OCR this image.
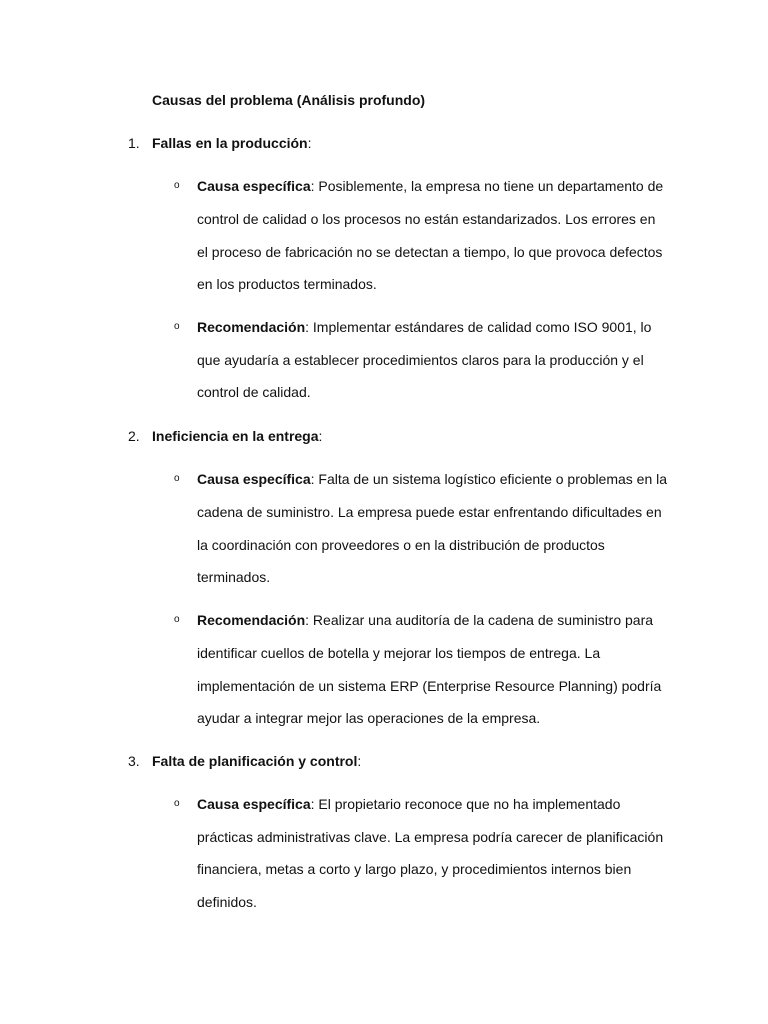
Causas del problema (Análisis profundo)
1. Fallas en la producción:
o Causa específica: Posiblemente, la empresa no tiene un departamento de
control de calidad o los procesos no están estandarizados. Los errores en
el proceso de fabricación no se detectan a tiempo, lo que provoca defectos
en los productos terminados.
o Recomendación: Implementar estándares de calidad como ISO 9001, lo
que ayudaría a establecer procedimientos claros para la producción y el
control de calidad.
2. Ineficiencia en la entrega:
o Causa específica: Falta de un sistema logístico eficiente o problemas en la
cadena de suministro. La empresa puede estar enfrentando dificultades en
la coordinación con proveedores o en la distribución de productos
terminados.
o Recomendación: Realizar una auditoría de la cadena de suministro para
identificar cuellos de botella y mejorar los tiempos de entrega. La
implementación de un sistema ERP (Enterprise Resource Planning) podría
ayudar a integrar mejor las operaciones de la empresa.
3. Falta de planificación y control:
o Causa específica: El propietario reconoce que no ha implementado
prácticas administrativas clave. La empresa podría carecer de planificación
financiera, metas a corto y largo plazo, y procedimientos internos bien
definidos.
